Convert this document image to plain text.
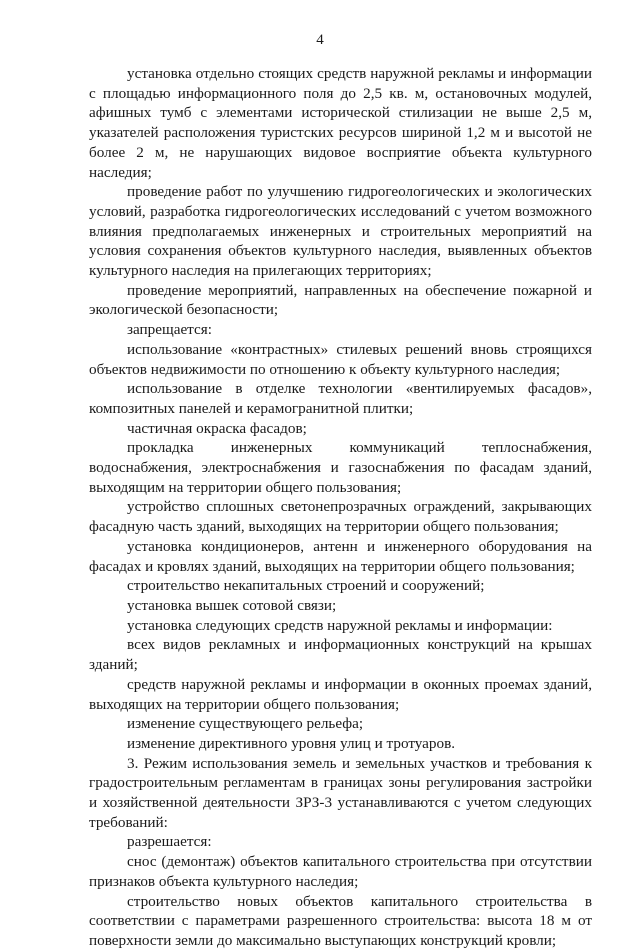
4

установка отдельно стоящих средств наружной рекламы и информации с площадью информационного поля до 2,5 кв. м, остановочных модулей, афишных тумб с элементами исторической стилизации не выше 2,5 м, указателей расположения туристских ресурсов шириной 1,2 м и высотой не более 2 м, не нарушающих видовое восприятие объекта культурного наследия;

проведение работ по улучшению гидрогеологических и экологических условий, разработка гидрогеологических исследований с учетом возможного влияния предполагаемых инженерных и строительных мероприятий на условия сохранения объектов культурного наследия, выявленных объектов культурного наследия на прилегающих территориях;

проведение мероприятий, направленных на обеспечение пожарной и экологической безопасности;

запрещается:

использование «контрастных» стилевых решений вновь строящихся объектов недвижимости по отношению к объекту культурного наследия;

использование в отделке технологии «вентилируемых фасадов», композитных панелей и керамогранитной плитки;

частичная окраска фасадов;

прокладка инженерных коммуникаций теплоснабжения, водоснабжения, электроснабжения и газоснабжения по фасадам зданий, выходящим на территории общего пользования;

устройство сплошных светонепрозрачных ограждений, закрывающих фасадную часть зданий, выходящих на территории общего пользования;

установка кондиционеров, антенн и инженерного оборудования на фасадах и кровлях зданий, выходящих на территории общего пользования;

строительство некапитальных строений и сооружений;

установка вышек сотовой связи;

установка следующих средств наружной рекламы и информации:

всех видов рекламных и информационных конструкций на крышах зданий;

средств наружной рекламы и информации в оконных проемах зданий, выходящих на территории общего пользования;

изменение существующего рельефа;

изменение директивного уровня улиц и тротуаров.

3. Режим использования земель и земельных участков и требования к градостроительным регламентам в границах зоны регулирования застройки и хозяйственной деятельности ЗРЗ-3 устанавливаются с учетом следующих требований:

разрешается:

снос (демонтаж) объектов капитального строительства при отсутствии признаков объекта культурного наследия;

строительство новых объектов капитального строительства в соответствии с параметрами разрешенного строительства: высота 18 м от поверхности земли до максимально выступающих конструкций кровли;
